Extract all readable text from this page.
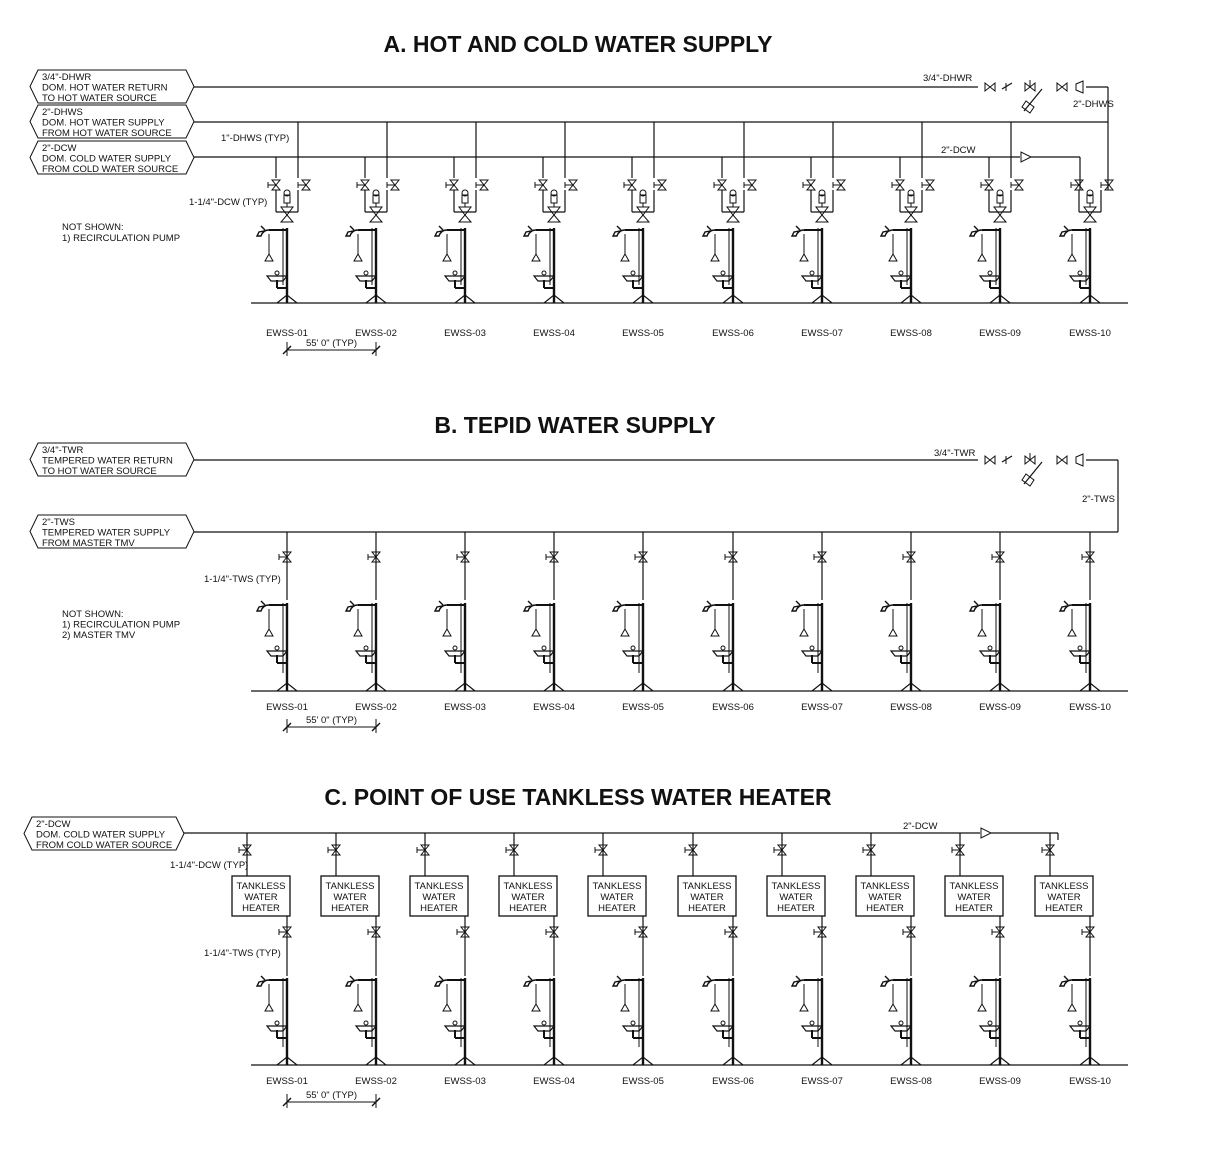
A. HOT AND COLD WATER SUPPLY
3/4"-DHWR
DOM. HOT WATER RETURN
TO HOT WATER SOURCE
2"-DHWS
DOM. HOT WATER SUPPLY
FROM HOT WATER SOURCE
2"-DCW
DOM. COLD WATER SUPPLY
FROM COLD WATER SOURCE
3/4"-DHWR
2"-DHWS
1"-DHWS (TYP)
2"-DCW
1-1/4"-DCW (TYP)
NOT SHOWN:
1) RECIRCULATION PUMP
EWSS-01	EWSS-02	EWSS-03	EWSS-04	EWSS-05	EWSS-06	EWSS-07	EWSS-08	EWSS-09	EWSS-10
55' 0" (TYP)
B. TEPID WATER SUPPLY
3/4"-TWR
TEMPERED WATER RETURN
TO HOT WATER SOURCE
2"-TWS
TEMPERED WATER SUPPLY
FROM MASTER TMV
3/4"-TWR
2"-TWS
1-1/4"-TWS (TYP)
NOT SHOWN:
1) RECIRCULATION PUMP
2) MASTER TMV
EWSS-01	EWSS-02	EWSS-03	EWSS-04	EWSS-05	EWSS-06	EWSS-07	EWSS-08	EWSS-09	EWSS-10
55' 0" (TYP)
C. POINT OF USE TANKLESS WATER HEATER
2"-DCW
DOM. COLD WATER SUPPLY
FROM COLD WATER SOURCE
2"-DCW
1-1/4"-DCW (TYP)
1-1/4"-TWS (TYP)
TANKLESS
WATER
HEATER
EWSS-01
TANKLESS
WATER
HEATER
EWSS-02
TANKLESS
WATER
HEATER
EWSS-03
TANKLESS
WATER
HEATER
EWSS-04
TANKLESS
WATER
HEATER
EWSS-05
TANKLESS
WATER
HEATER
EWSS-06
TANKLESS
WATER
HEATER
EWSS-07
TANKLESS
WATER
HEATER
EWSS-08
TANKLESS
WATER
HEATER
EWSS-09
TANKLESS
WATER
HEATER
EWSS-10
55' 0" (TYP)
